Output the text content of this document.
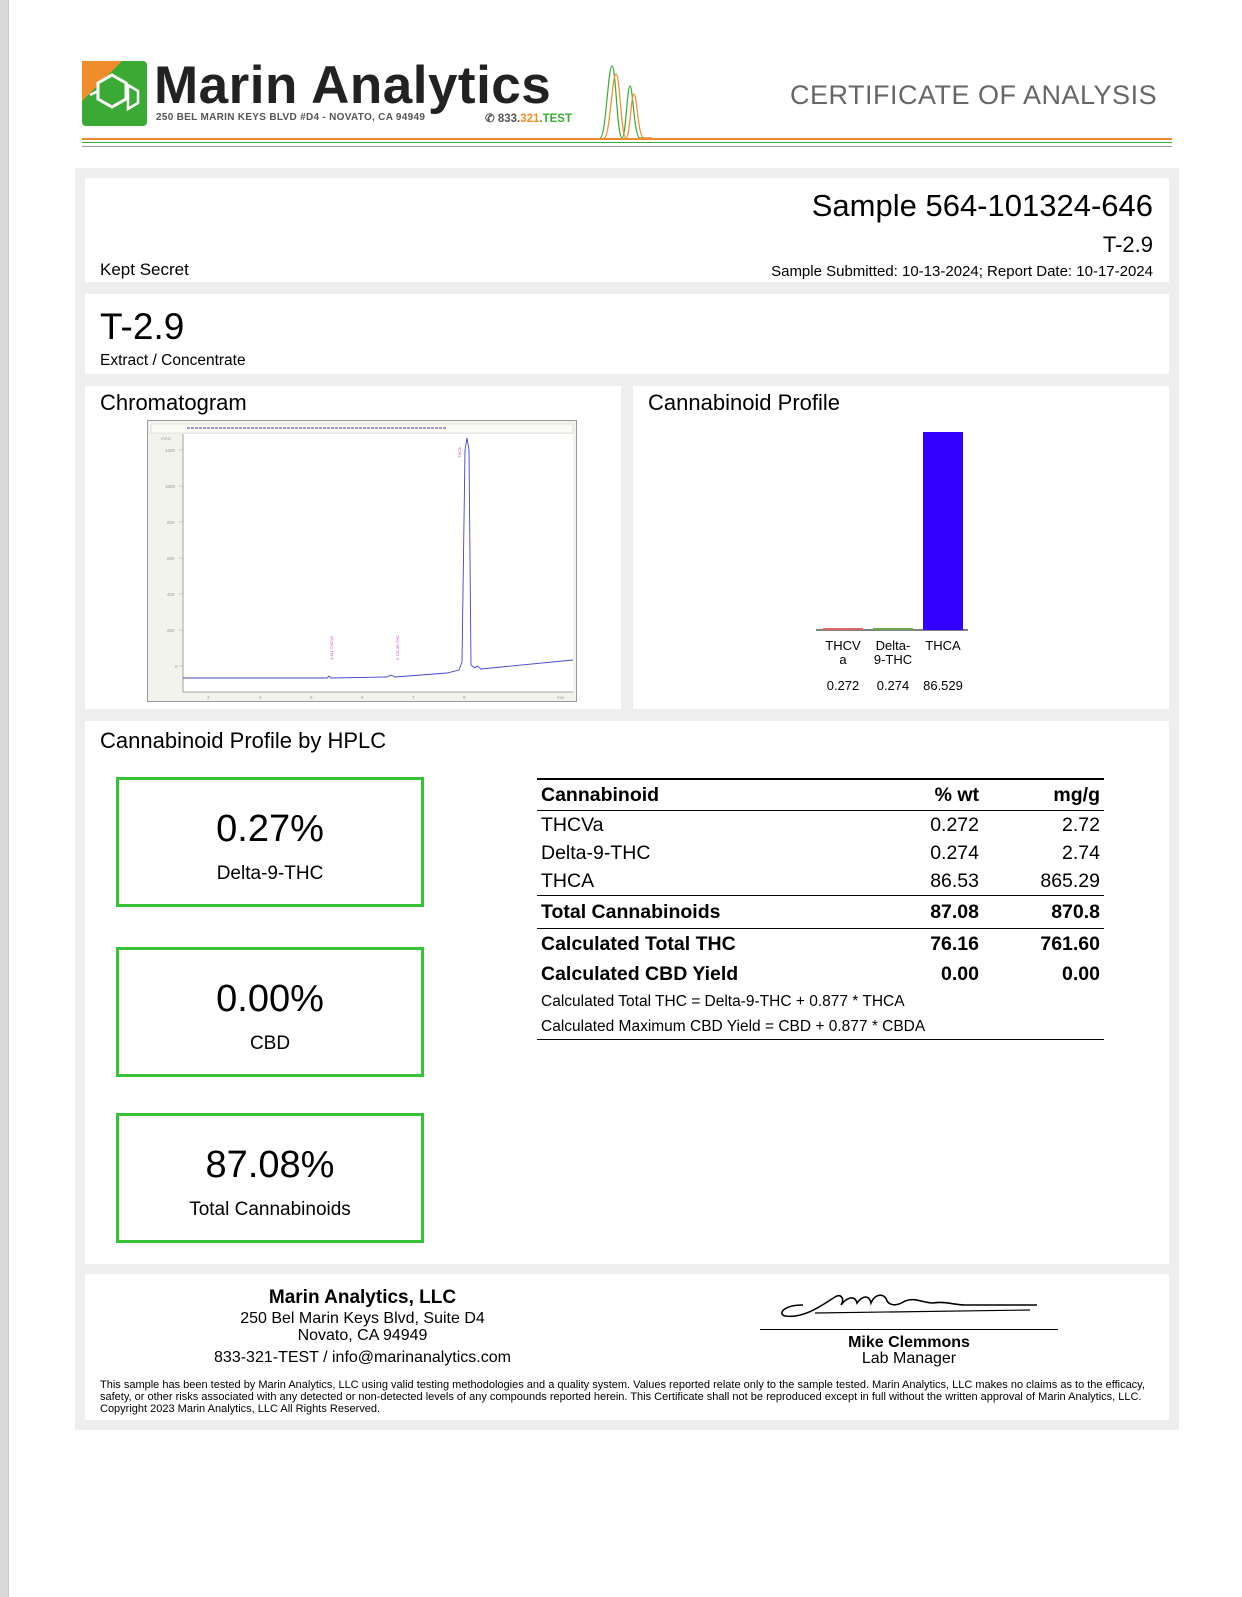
Marin Analytics
250 BEL MARIN KEYS BLVD #D4 - NOVATO, CA 94949	✆ 833.321.TEST
CERTIFICATE OF ANALYSIS
Kept Secret
Sample 564-101324-646
T-2.9
Sample Submitted: 10-13-2024; Report Date: 10-17-2024
T-2.9
Extract / Concentrate
Chromatogram
1200
1000
800
600
400
200
0
mAU
3	4	5	6	7	8	min
4.411 THCVA	5.731 d9-THC
THCA
Cannabinoid Profile
THCV
a
0.272
Delta-
9-THC
0.274
THCA
86.529
Cannabinoid Profile by HPLC
0.27%
Delta-9-THC
0.00%
CBD
87.08%
Total Cannabinoids
Cannabinoid	% wt	mg/g
THCVa	0.272	2.72
Delta-9-THC	0.274	2.74
THCA	86.53	865.29
Total Cannabinoids	87.08	870.8
Calculated Total THC	76.16	761.60
Calculated CBD Yield	0.00	0.00
Calculated Total THC = Delta-9-THC + 0.877 * THCA		
Calculated Maximum CBD Yield = CBD + 0.877 * CBDA		
Marin Analytics, LLC
250 Bel Marin Keys Blvd, Suite D4
Novato, CA 94949
833-321-TEST / info@marinanalytics.com
Mike Clemmons
Lab Manager
This sample has been tested by Marin Analytics, LLC using valid testing methodologies and a quality system. Values reported relate only to the sample tested. Marin Analytics, LLC makes no claims as to the efficacy, safety, or other risks associated with any detected or non-detected levels of any compounds reported herein. This Certificate shall not be reproduced except in full without the written approval of Marin Analytics, LLC. Copyright 2023 Marin Analytics, LLC All Rights Reserved.
